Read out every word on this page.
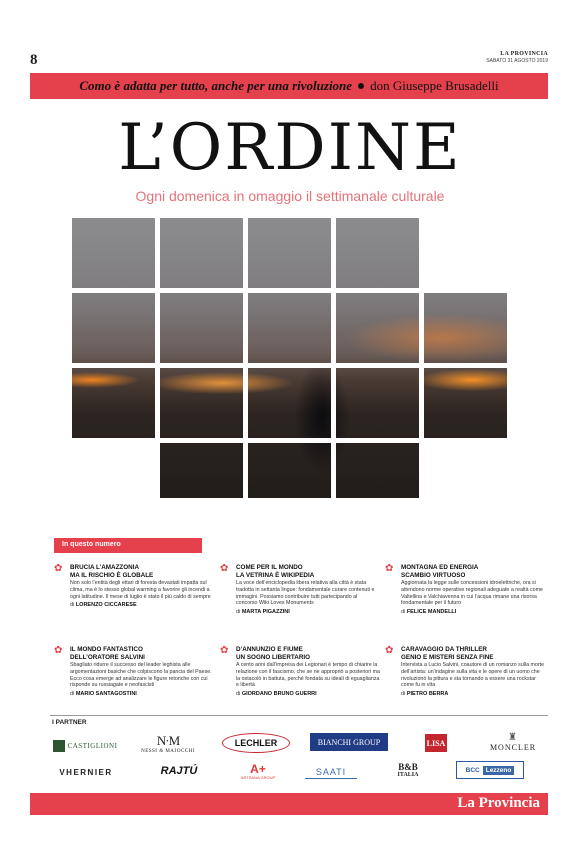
8	LA PROVINCIA
SABATO 31 AGOSTO 2019
Como è adatta per tutto, anche per una rivoluzione don Giuseppe Brusadelli
L’ORDINE
Ogni domenica in omaggio il settimanale culturale
In questo numero
✿ BRUCIA L’AMAZZONIA
MA IL RISCHIO È GLOBALE
Non solo l’entità degli ettari di foresta devastati impatta sul clima, ma è lo stesso global warming a favorire gli incendi a ogni latitudine. Il mese di luglio è stato il più caldo di sempre
di LORENZO CICCARESE
✿ COME PER IL MONDO
LA VETRINA È WIKIPEDIA
La voce dell’enciclopedia libera relativa alla città è stata tradotta in settanta lingue: fondamentale curare contenuti e immagini. Possiamo contribuire tutti partecipando al concorso Wiki Loves Monuments
di MARTA PIGAZZINI
✿ MONTAGNA ED ENERGIA
SCAMBIO VIRTUOSO
Aggiornata la legge sulle concessioni idroelettriche, ora si attendono norme operative regionali adeguate a realtà come Valtellina e Valchiavenna in cui l’acqua rimane una risorsa fondamentale per il futuro
di FELICE MANDELLI
✿ IL MONDO FANTASTICO
DELL’ORATORE SALVINI
Sbagliato ridurre il successo del leader leghista alle argomentazioni basiche che colpiscono la pancia del Paese. Ecco cosa emerge ad analizzare le figure retoriche con cui risponde su russiagate e neofascisti
di MARIO SANTAGOSTINI
✿ D’ANNUNZIO E FIUME
UN SOGNO LIBERTARIO
A cento anni dall’impresa dei Legionari è tempo di chiarire la relazione con il fascismo, che se ne appropriò a posteriori ma la ostacolò in battuta, perché fondata su ideali di eguaglianza e libertà
di GIORDANO BRUNO GUERRI
✿ CARAVAGGIO DA THRILLER
GENIO E MISTERI SENZA FINE
Intervista a Lucio Salvini, coautore di un romanzo sulla morte dell’artista: un’indagine sulla vita e le opere di un uomo che rivoluzionò la pittura e sta tornando a essere una rockstar come fu in vita
di PIETRO BERRA
I PARTNER
CASTIGLIONI	N·M
NESSI & MAJOCCHI
LECHLER	BIANCHI GROUP	LISA
♜
MONCLER
VHERNIER	RAJTÚ	A+
ARTSANA GROUP
SAATI	B&B
ITALIA
BCC Lezzeno
La Provincia
